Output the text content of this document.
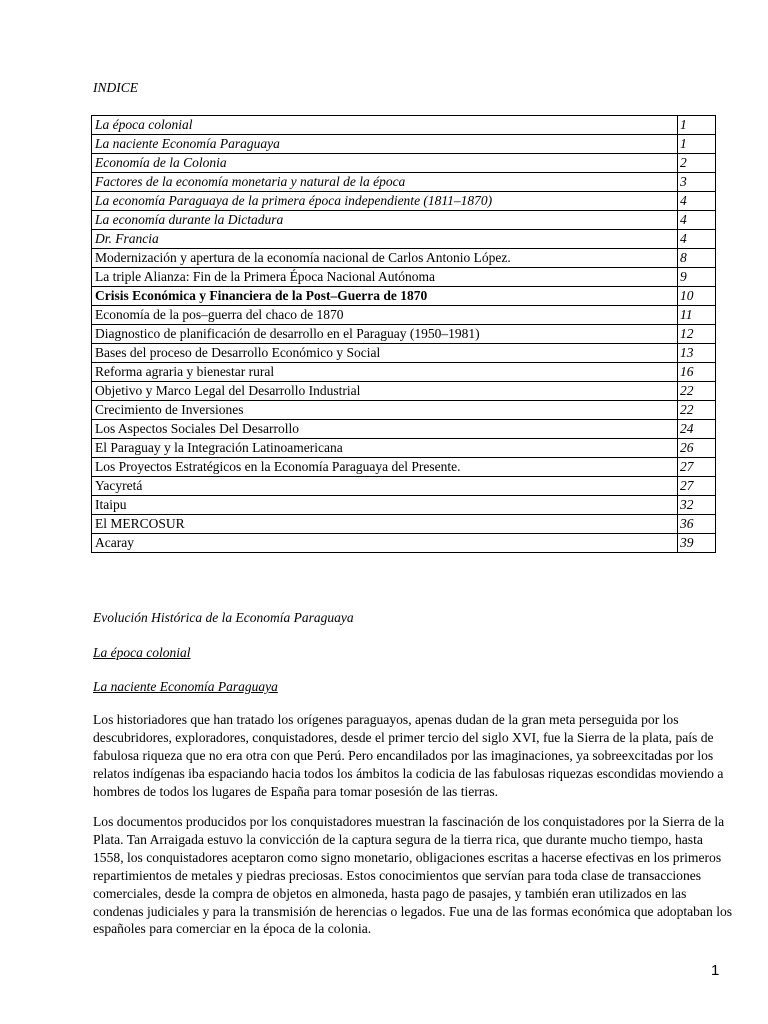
INDICE
La época colonial	1
La naciente Economía Paraguaya	1
Economía de la Colonia	2
Factores de la economía monetaria y natural de la época	3
La economía Paraguaya de la primera época independiente (1811–1870)	4
La economía durante la Dictadura	4
Dr. Francia	4
Modernización y apertura de la economía nacional de Carlos Antonio López.	8
La triple Alianza: Fin de la Primera Época Nacional Autónoma	9
Crisis Económica y Financiera de la Post–Guerra de 1870	10
Economía de la pos–guerra del chaco de 1870	11
Diagnostico de planificación de desarrollo en el Paraguay (1950–1981)	12
Bases del proceso de Desarrollo Económico y Social	13
Reforma agraria y bienestar rural	16
Objetivo y Marco Legal del Desarrollo Industrial	22
Crecimiento de Inversiones	22
Los Aspectos Sociales Del Desarrollo	24
El Paraguay y la Integración Latinoamericana	26
Los Proyectos Estratégicos en la Economía Paraguaya del Presente.	27
Yacyretá	27
Itaipu	32
El MERCOSUR	36
Acaray	39
Evolución Histórica de la Economía Paraguaya
La época colonial
La naciente Economía Paraguaya

Los historiadores que han tratado los orígenes paraguayos, apenas dudan de la gran meta perseguida por los descubridores, exploradores, conquistadores, desde el primer tercio del siglo XVI, fue la Sierra de la plata, país de fabulosa riqueza que no era otra con que Perú. Pero encandilados por las imaginaciones, ya sobreexcitadas por los relatos indígenas iba espaciando hacia todos los ámbitos la codicia de las fabulosas riquezas escondidas moviendo a hombres de todos los lugares de España para tomar posesión de las tierras.

Los documentos producidos por los conquistadores muestran la fascinación de los conquistadores por la Sierra de la Plata. Tan Arraigada estuvo la convicción de la captura segura de la tierra rica, que durante mucho tiempo, hasta 1558, los conquistadores aceptaron como signo monetario, obligaciones escritas a hacerse efectivas en los primeros repartimientos de metales y piedras preciosas. Estos conocimientos que servían para toda clase de transacciones comerciales, desde la compra de objetos en almoneda, hasta pago de pasajes, y también eran utilizados en las condenas judiciales y para la transmisión de herencias o legados. Fue una de las formas económica que adoptaban los españoles para comerciar en la época de la colonia.

1
